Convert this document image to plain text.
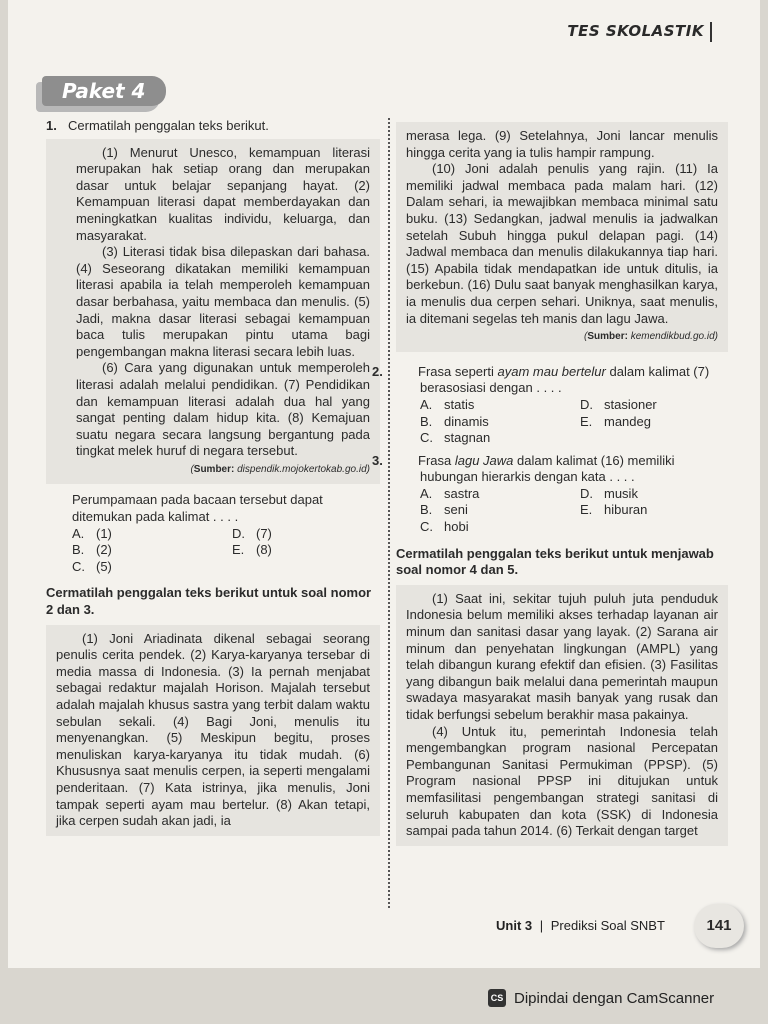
TES SKOLASTIK
Paket 4

1. Cermatilah penggalan teks berikut.

(1) Menurut Unesco, kemampuan literasi merupakan hak setiap orang dan merupakan dasar untuk belajar sepanjang hayat. (2) Kemampuan literasi dapat memberdayakan dan meningkatkan kualitas individu, keluarga, dan masyarakat.

(3) Literasi tidak bisa dilepaskan dari bahasa. (4) Seseorang dikatakan memiliki kemampuan literasi apabila ia telah memperoleh kemampuan dasar berbahasa, yaitu membaca dan menulis. (5) Jadi, makna dasar literasi sebagai kemampuan baca tulis merupakan pintu utama bagi pengembangan makna literasi secara lebih luas.

(6) Cara yang digunakan untuk memperoleh literasi adalah melalui pendidikan. (7) Pendidikan dan kemampuan literasi adalah dua hal yang sangat penting dalam hidup kita. (8) Kemajuan suatu negara secara langsung bergantung pada tingkat melek huruf di negara tersebut.

(Sumber: dispendik.mojokertokab.go.id)

Perumpamaan pada bacaan tersebut dapat ditemukan pada kalimat . . . .

A. (1)	D. (7)
B. (2)	E. (8)
C. (5)
Cermatilah penggalan teks berikut untuk soal nomor 2 dan 3.

(1) Joni Ariadinata dikenal sebagai seorang penulis cerita pendek. (2) Karya-karyanya tersebar di media massa di Indonesia. (3) Ia pernah menjabat sebagai redaktur majalah Horison. Majalah tersebut adalah majalah khusus sastra yang terbit dalam waktu sebulan sekali. (4) Bagi Joni, menulis itu menyenangkan. (5) Meskipun begitu, proses menuliskan karya-karyanya itu tidak mudah. (6) Khususnya saat menulis cerpen, ia seperti mengalami penderitaan. (7) Kata istrinya, jika menulis, Joni tampak seperti ayam mau bertelur. (8) Akan tetapi, jika cerpen sudah akan jadi, ia

merasa lega. (9) Setelahnya, Joni lancar menulis hingga cerita yang ia tulis hampir rampung.

(10) Joni adalah penulis yang rajin. (11) Ia memiliki jadwal membaca pada malam hari. (12) Dalam sehari, ia mewajibkan membaca minimal satu buku. (13) Sedangkan, jadwal menulis ia jadwalkan setelah Subuh hingga pukul delapan pagi. (14) Jadwal membaca dan menulis dilakukannya tiap hari. (15) Apabila tidak mendapatkan ide untuk ditulis, ia berkebun. (16) Dulu saat banyak menghasilkan karya, ia menulis dua cerpen sehari. Uniknya, saat menulis, ia ditemani segelas teh manis dan lagu Jawa.

(Sumber: kemendikbud.go.id)

2.	Frasa seperti ayam mau bertelur dalam kalimat (7) berasosiasi dengan . . . .

A. statis	D. stasioner
B. dinamis	E. mandeg
C. stagnan

3.	Frasa lagu Jawa dalam kalimat (16) memiliki hubungan hierarkis dengan kata . . . .

A. sastra	D. musik
B. seni	E. hiburan
C. hobi
Cermatilah penggalan teks berikut untuk menjawab soal nomor 4 dan 5.

(1) Saat ini, sekitar tujuh puluh juta penduduk Indonesia belum memiliki akses terhadap layanan air minum dan sanitasi dasar yang layak. (2) Sarana air minum dan penyehatan lingkungan (AMPL) yang telah dibangun kurang efektif dan efisien. (3) Fasilitas yang dibangun baik melalui dana pemerintah maupun swadaya masyarakat masih banyak yang rusak dan tidak berfungsi sebelum berakhir masa pakainya.

(4) Untuk itu, pemerintah Indonesia telah mengembangkan program nasional Percepatan Pembangunan Sanitasi Permukiman (PPSP). (5) Program nasional PPSP ini ditujukan untuk memfasilitasi pengembangan strategi sanitasi di seluruh kabupaten dan kota (SSK) di Indonesia sampai pada tahun 2014. (6) Terkait dengan target

Unit 3 | Prediksi Soal SNBT	141
CS Dipindai dengan CamScanner
